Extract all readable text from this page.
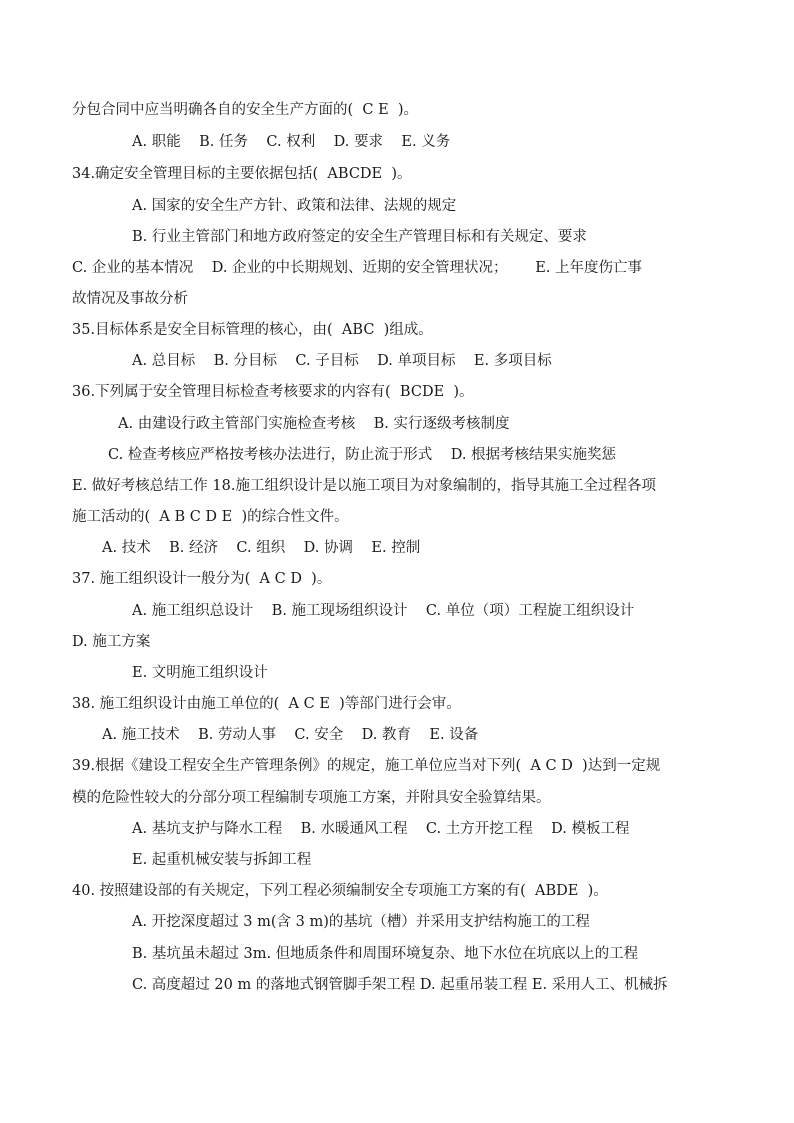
分包合同中应当明确各自的安全生产方面的(  C E  )。
A. 职能    B. 任务    C. 权利    D. 要求    E. 义务
34.确定安全管理目标的主要依据包括(  ABCDE  )。
A. 国家的安全生产方针、政策和法律、法规的规定
B. 行业主管部门和地方政府签定的安全生产管理目标和有关规定、要求
C. 企业的基本情况    D. 企业的中长期规划、近期的安全管理状况；      E. 上年度伤亡事
故情况及事故分析
35.目标体系是安全目标管理的核心，由(  ABC  )组成。
A. 总目标    B. 分目标    C. 子目标    D. 单项目标    E. 多项目标
36.下列属于安全管理目标检查考核要求的内容有(  BCDE  )。
A. 由建设行政主管部门实施检查考核    B. 实行逐级考核制度
C. 检查考核应严格按考核办法进行，防止流于形式    D. 根据考核结果实施奖惩
E. 做好考核总结工作 18.施工组织设计是以施工项目为对象编制的，指导其施工全过程各项
施工活动的(  A B C D E  )的综合性文件。
A. 技术    B. 经济    C. 组织    D. 协调    E. 控制
37. 施工组织设计一般分为(  A C D  )。
A. 施工组织总设计    B. 施工现场组织设计    C. 单位（项）工程旋工组织设计
D. 施工方案
E. 文明施工组织设计
38. 施工组织设计由施工单位的(  A C E  )等部门进行会审。
A. 施工技术    B. 劳动人事    C. 安全    D. 教育    E. 设备
39.根据《建设工程安全生产管理条例》的规定，施工单位应当对下列(  A C D  )达到一定规
模的危险性较大的分部分项工程编制专项施工方案，并附具安全验算结果。
A. 基坑支护与降水工程    B. 水暖通风工程    C. 土方开挖工程    D. 模板工程
E. 起重机械安装与拆卸工程
40. 按照建设部的有关规定，下列工程必须编制安全专项施工方案的有(  ABDE  )。
A. 开挖深度超过 3 m(含 3 m)的基坑（槽）并采用支护结构施工的工程
B. 基坑虽未超过 3m. 但地质条件和周围环境复杂、地下水位在坑底以上的工程
C. 高度超过 20 m 的落地式钢管脚手架工程 D. 起重吊装工程 E. 采用人工、机械拆
